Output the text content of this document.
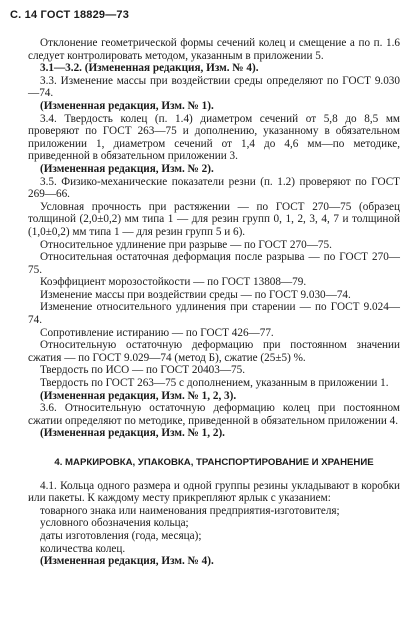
С. 14 ГОСТ 18829—73

Отклонение геометрической формы сечений колец и смещение а по п. 1.6 следует контролировать методом, указанным в приложении 5.

3.1—3.2. (Измененная редакция, Изм. № 4).

3.3. Изменение массы при воздействии среды определяют по ГОСТ 9.030—74.

(Измененная редакция, Изм. № 1).

3.4. Твердость колец (п. 1.4) диаметром сечений от 5,8 до 8,5 мм проверяют по ГОСТ 263—75 и дополнению, указанному в обязательном приложении 1, диаметром сечений от 1,4 до 4,6 мм—по методике, приведенной в обязательном приложении 3.

(Измененная редакция, Изм. № 2).

3.5. Физико-механические показатели резни (п. 1.2) проверяют по ГОСТ 269—66.

Условная прочность при растяжении — по ГОСТ 270—75 (образец толщиной (2,0±0,2) мм типа 1 — для резин групп 0, 1, 2, 3, 4, 7 и толщиной (1,0±0,2) мм типа 1 — для резин групп 5 и 6).

Относительное удлинение при разрыве — по ГОСТ 270—75.

Относительная остаточная деформация после разрыва — по ГОСТ 270—75.

Коэффициент морозостойкости — по ГОСТ 13808—79.

Изменение массы при воздействии среды — по ГОСТ 9.030—74.

Изменение относительного удлинения при старении — по ГОСТ 9.024—74.

Сопротивление истиранию — по ГОСТ 426—77.

Относительную остаточную деформацию при постоянном значении сжатия — по ГОСТ 9.029—74 (метод Б), сжатие (25±5) %.

Твердость по ИСО — по ГОСТ 20403—75.

Твердость по ГОСТ 263—75 с дополнением, указанным в приложении 1.

(Измененная редакция, Изм. № 1, 2, 3).

3.6. Относительную остаточную деформацию колец при постоянном сжатии определяют по методике, приведенной в обязательном приложении 4.

(Измененная редакция, Изм. № 1, 2).

4. МАРКИРОВКА, УПАКОВКА, ТРАНСПОРТИРОВАНИЕ И ХРАНЕНИЕ

4.1. Кольца одного размера и одной группы резины укладывают в коробки или пакеты. К каждому месту прикрепляют ярлык с указанием:

товарного знака или наименования предприятия-изготовителя;

условного обозначения кольца;

даты изготовления (года, месяца);

количества колец.

(Измененная редакция, Изм. № 4).
